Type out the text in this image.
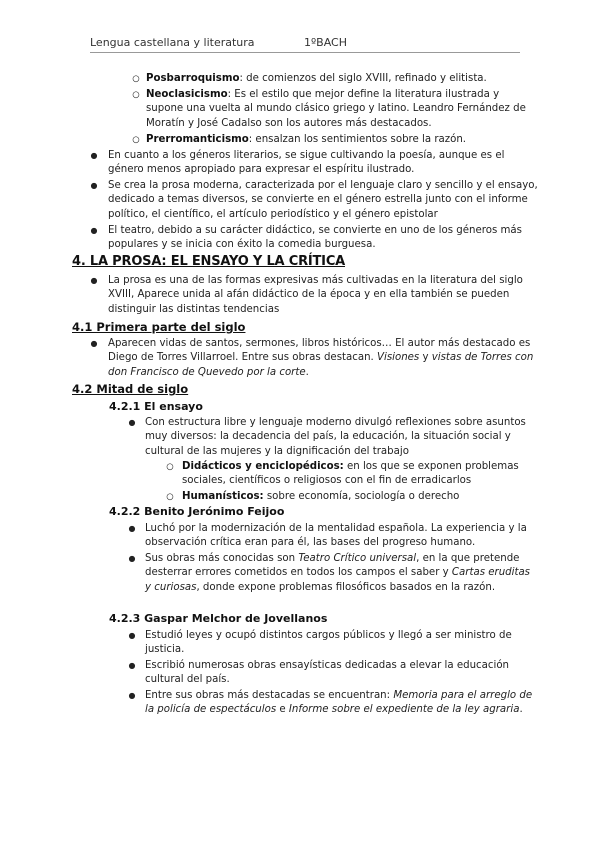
Lengua castellana y literatura	1ºBACH
○ Posbarroquismo: de comienzos del siglo XVIII, refinado y elitista.
○ Neoclasicismo: Es el estilo que mejor define la literatura ilustrada y supone una vuelta al mundo clásico griego y latino. Leandro Fernández de Moratín y José Cadalso son los autores más destacados.
○ Prerromanticismo: ensalzan los sentimientos sobre la razón.
● En cuanto a los géneros literarios, se sigue cultivando la poesía, aunque es el género menos apropiado para expresar el espíritu ilustrado.
● Se crea la prosa moderna, caracterizada por el lenguaje claro y sencillo y el ensayo, dedicado a temas diversos, se convierte en el género estrella junto con el informe político, el científico, el artículo periodístico y el género epistolar
● El teatro, debido a su carácter didáctico, se convierte en uno de los géneros más populares y se inicia con éxito la comedia burguesa.
4. LA PROSA: EL ENSAYO Y LA CRÍTICA
● La prosa es una de las formas expresivas más cultivadas en la literatura del siglo XVIII, Aparece unida al afán didáctico de la época y en ella también se pueden distinguir las distintas tendencias
4.1 Primera parte del siglo
● Aparecen vidas de santos, sermones, libros históricos… El autor más destacado es Diego de Torres Villarroel. Entre sus obras destacan. Visiones y vistas de Torres con don Francisco de Quevedo por la corte.
4.2 Mitad de siglo
4.2.1 El ensayo
● Con estructura libre y lenguaje moderno divulgó reflexiones sobre asuntos muy diversos: la decadencia del país, la educación, la situación social y cultural de las mujeres y la dignificación del trabajo
○ Didácticos y enciclopédicos: en los que se exponen problemas sociales, científicos o religiosos con el fin de erradicarlos
○ Humanísticos: sobre economía, sociología o derecho
4.2.2 Benito Jerónimo Feijoo
● Luchó por la modernización de la mentalidad española. La experiencia y la observación crítica eran para él, las bases del progreso humano.
● Sus obras más conocidas son Teatro Crítico universal, en la que pretende desterrar errores cometidos en todos los campos el saber y Cartas eruditas y curiosas, donde expone problemas filosóficos basados en la razón.
4.2.3 Gaspar Melchor de Jovellanos
● Estudió leyes y ocupó distintos cargos públicos y llegó a ser ministro de justicia.
● Escribió numerosas obras ensayísticas dedicadas a elevar la educación cultural del país.
● Entre sus obras más destacadas se encuentran: Memoria para el arreglo de la policía de espectáculos e Informe sobre el expediente de la ley agraria.
